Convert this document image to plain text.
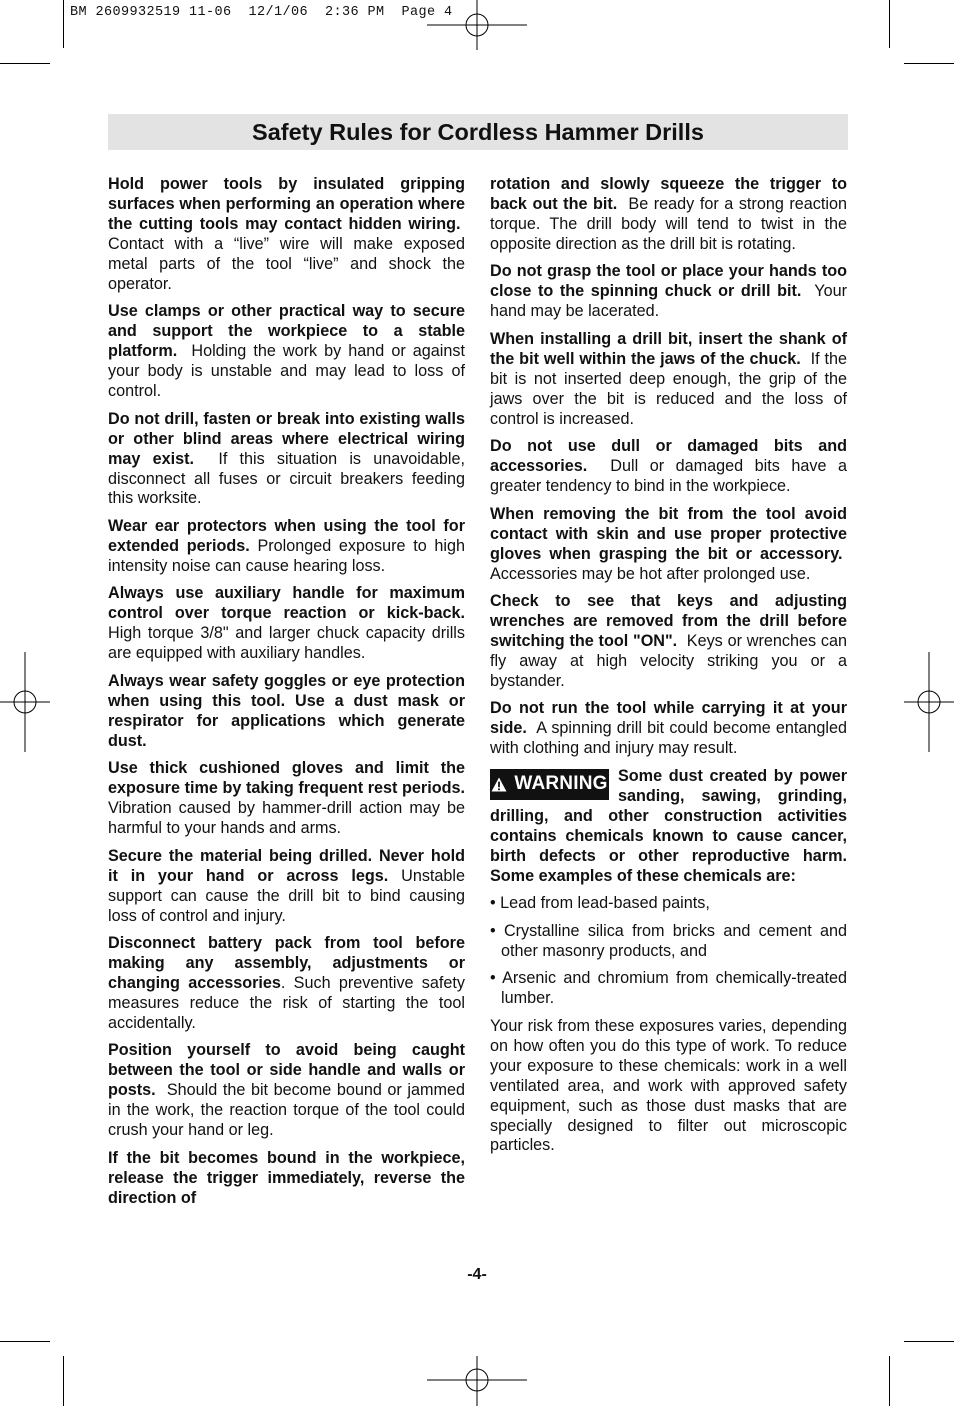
BM 2609932519 11-06  12/1/06  2:36 PM  Page 4
Safety Rules for Cordless Hammer Drills

Hold power tools by insulated gripping surfaces when performing an operation where the cutting tools may contact hidden wiring.  Contact with a “live” wire will make exposed metal parts of the tool “live” and shock the operator.

Use clamps or other practical way to secure and support the workpiece to a stable platform. Holding the work by hand or against your body is unstable and may lead to loss of control.

Do not drill, fasten or break into existing walls or other blind areas where electrical wiring may exist. If this situation is unavoidable, disconnect all fuses or circuit breakers feeding this worksite.

Wear ear protectors when using the tool for extended periods. Prolonged exposure to high intensity noise can cause hearing loss.

Always use auxiliary handle for maximum control over torque reaction or kick-back. High torque 3/8" and larger chuck capacity drills are equipped with auxiliary handles.

Always wear safety goggles or eye protection when using this tool. Use a dust mask or respirator for applications which generate dust.

Use thick cushioned gloves and limit the exposure time by taking frequent rest periods. Vibration caused by hammer-drill action may be harmful to your hands and arms.

Secure the material being drilled. Never hold it in your hand or across legs. Unstable support can cause the drill bit to bind causing loss of control and injury.

Disconnect battery pack from tool before making any assembly, adjustments or changing accessories. Such preventive safety measures reduce the risk of starting the tool accidentally.

Position yourself to avoid being caught between the tool or side handle and walls or posts. Should the bit become bound or jammed in the work, the reaction torque of the tool could crush your hand or leg.

If the bit becomes bound in the workpiece, release the trigger immediately, reverse the direction of

rotation and slowly squeeze the trigger to back out the bit. Be ready for a strong reaction torque. The drill body will tend to twist in the opposite direction as the drill bit is rotating.

Do not grasp the tool or place your hands too close to the spinning chuck or drill bit. Your hand may be lacerated.

When installing a drill bit, insert the shank of the bit well within the jaws of the chuck. If the bit is not inserted deep enough, the grip of the jaws over the bit is reduced and the loss of control is increased.

Do not use dull or damaged bits and accessories. Dull or damaged bits have a greater tendency to bind in the workpiece.

When removing the bit from the tool avoid contact with skin and use proper protective gloves when grasping the bit or accessory.  Accessories may be hot after prolonged use.

Check to see that keys and adjusting wrenches are removed from the drill before switching the tool "ON". Keys or wrenches can fly away at high velocity striking you or a bystander.

Do not run the tool while carrying it at your side. A spinning drill bit could become entangled with clothing and injury may result.

WARNING Some dust created by power sanding, sawing, grinding, drilling, and other construction activities contains chemicals known to cause cancer, birth defects or other reproductive harm. Some examples of these chemicals are:

• Lead from lead-based paints,

• Crystalline silica from bricks and cement and other masonry products, and

• Arsenic and chromium from chemically-treated lumber.

Your risk from these exposures varies, depending on how often you do this type of work. To reduce your exposure to these chemicals: work in a well ventilated area, and work with approved safety equipment, such as those dust masks that are specially designed to filter out microscopic particles.

-4-
